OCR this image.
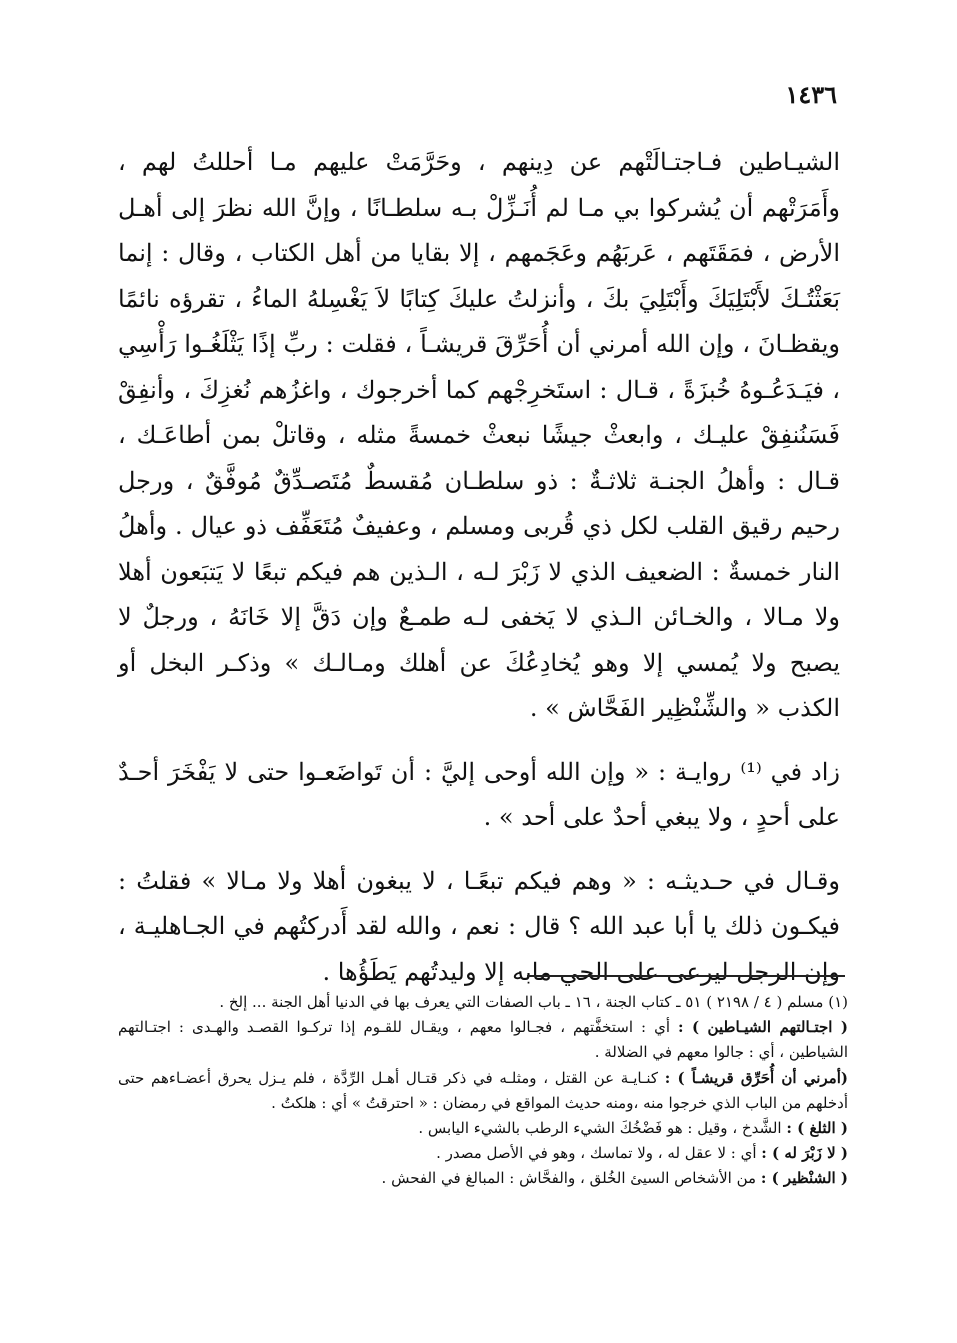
١٤٣٦

الشيـاطين فـاجتـالَتْهم عن دِينهم ، وحَرَّمَتْ عليهم مـا أحللتُ لهم ، وأَمَرَتْهم أن يُشركوا بي مـا لم أُنَـزِّلْ بـه سلطـانًا ، وإنَّ الله نظرَ إلى أهـل الأرض ، فمَقَتَهم ، عَربَهُم وعَجَمهم ، إلا بقايا من أهل الكتاب ، وقال : إنما بَعَثْتُـكَ لأَبْتَلِيَكَ وأَبْتَلِيَ بكَ ، وأنزلتُ عليكَ كِتابًا لاَ يَغْسِلهُ الماءُ ، تقرؤه نائمًا ويقظـانَ ، وإن الله أمرني أن أُحَرِّقَ قريشـاً ، فقلت : ربِّ إذًا يَثْلَغُـوا رَأْسِي ، فيَـدَعُـوهُ خُبزَةً ، قـال : استَخرِجْهم كما أخرجوك ، واغزُهم نُغزِكَ ، وأنفِقْ فَسَنُنفِقْ عليـك ، وابعثْ جيشًا نبعثْ خمسةً مثله ، وقاتلْ بمن أطاعَـك ، قـال : وأهلُ الجنـة ثلاثـةٌ : ذو سلطـان مُقسطٌ مُتَصـدِّقٌ مُوفَّقٌ ، ورجل رحيم رقيق القلب لكل ذي قُربى ومسلم ، وعفيفٌ مُتَعَفِّف ذو عيال . وأهلُ النار خمسةٌ : الضعيف الذي لا زَبْرَ لـه ، الـذين هم فيكم تبعًا لا يَتبَعون أهلا ولا مـالا ، والخـائن الـذي لا يَخفى لـه طمـعٌ وإن دَقَّ إلا خَانَهُ ، ورجلٌ لا يصبح ولا يُمسي إلا وهو يُخادِعُكَ عن أهلك ومـالـك » وذكـر البخل أو الكذب « والشِّنْظِير الفَحَّاش » .

زاد في ⁽¹⁾ روايـة : « وإن الله أوحى إليَّ : أن تَواضَعـوا حتى لا يَفْخَرَ أحـدٌ على أحدٍ ، ولا يبغي أحدٌ على أحد » .

وقـال في حـديثـه : « وهم فيكم تبعًـا ، لا يبغون أهلا ولا مـالا » فقلتُ : فيكـون ذلك يا أبا عبد الله ؟ قال : نعم ، والله لقد أَدركتُهم في الجـاهليـة ، وإن الرجل ليرعى على الحي مابه إلا وليدتُهم يَطَؤُها .

(١) مسلم ( ٤ / ٢١٩٨ ) ٥١ ـ كتاب الجنة ، ١٦ ـ باب الصفات التي يعرف بها في الدنيا أهل الجنة ... إلخ .

( اجتـالتهم الشيـاطين ) : أي : استخفَّتهم ، فجـالوا معهم ، ويقـال للقـوم إذا تركـوا القصـد والهـدى : اجتـالتهم الشياطين ، أي : جالوا معهم في الضلالة .

(أمرني أن أُحَرِّق قريشـاً ) : كنـايـة عن القتل ، ومثلـه في ذكر قتـال أهـل الرِّدَّة ، فلم يـزل يحرق أعضـاءهم حتى أدخلهم من الباب الذي خرجوا منه ،ومنه حديث المواقع في رمضان : « احترقتُ » أي : هلكتُ .

( الثلغ ) : الشَّدخ ، وقيل : هو فَضْخُكَ الشيء الرطب بالشيء اليابس .

( لا زَبْرَ له ) : أي : لا عقل له ، ولا تماسك ، وهو في الأصل مصدر .

( الشنْظير ) : من الأشخاص السيئ الخُلق ، والفحَّاش : المبالغ في الفحش .
